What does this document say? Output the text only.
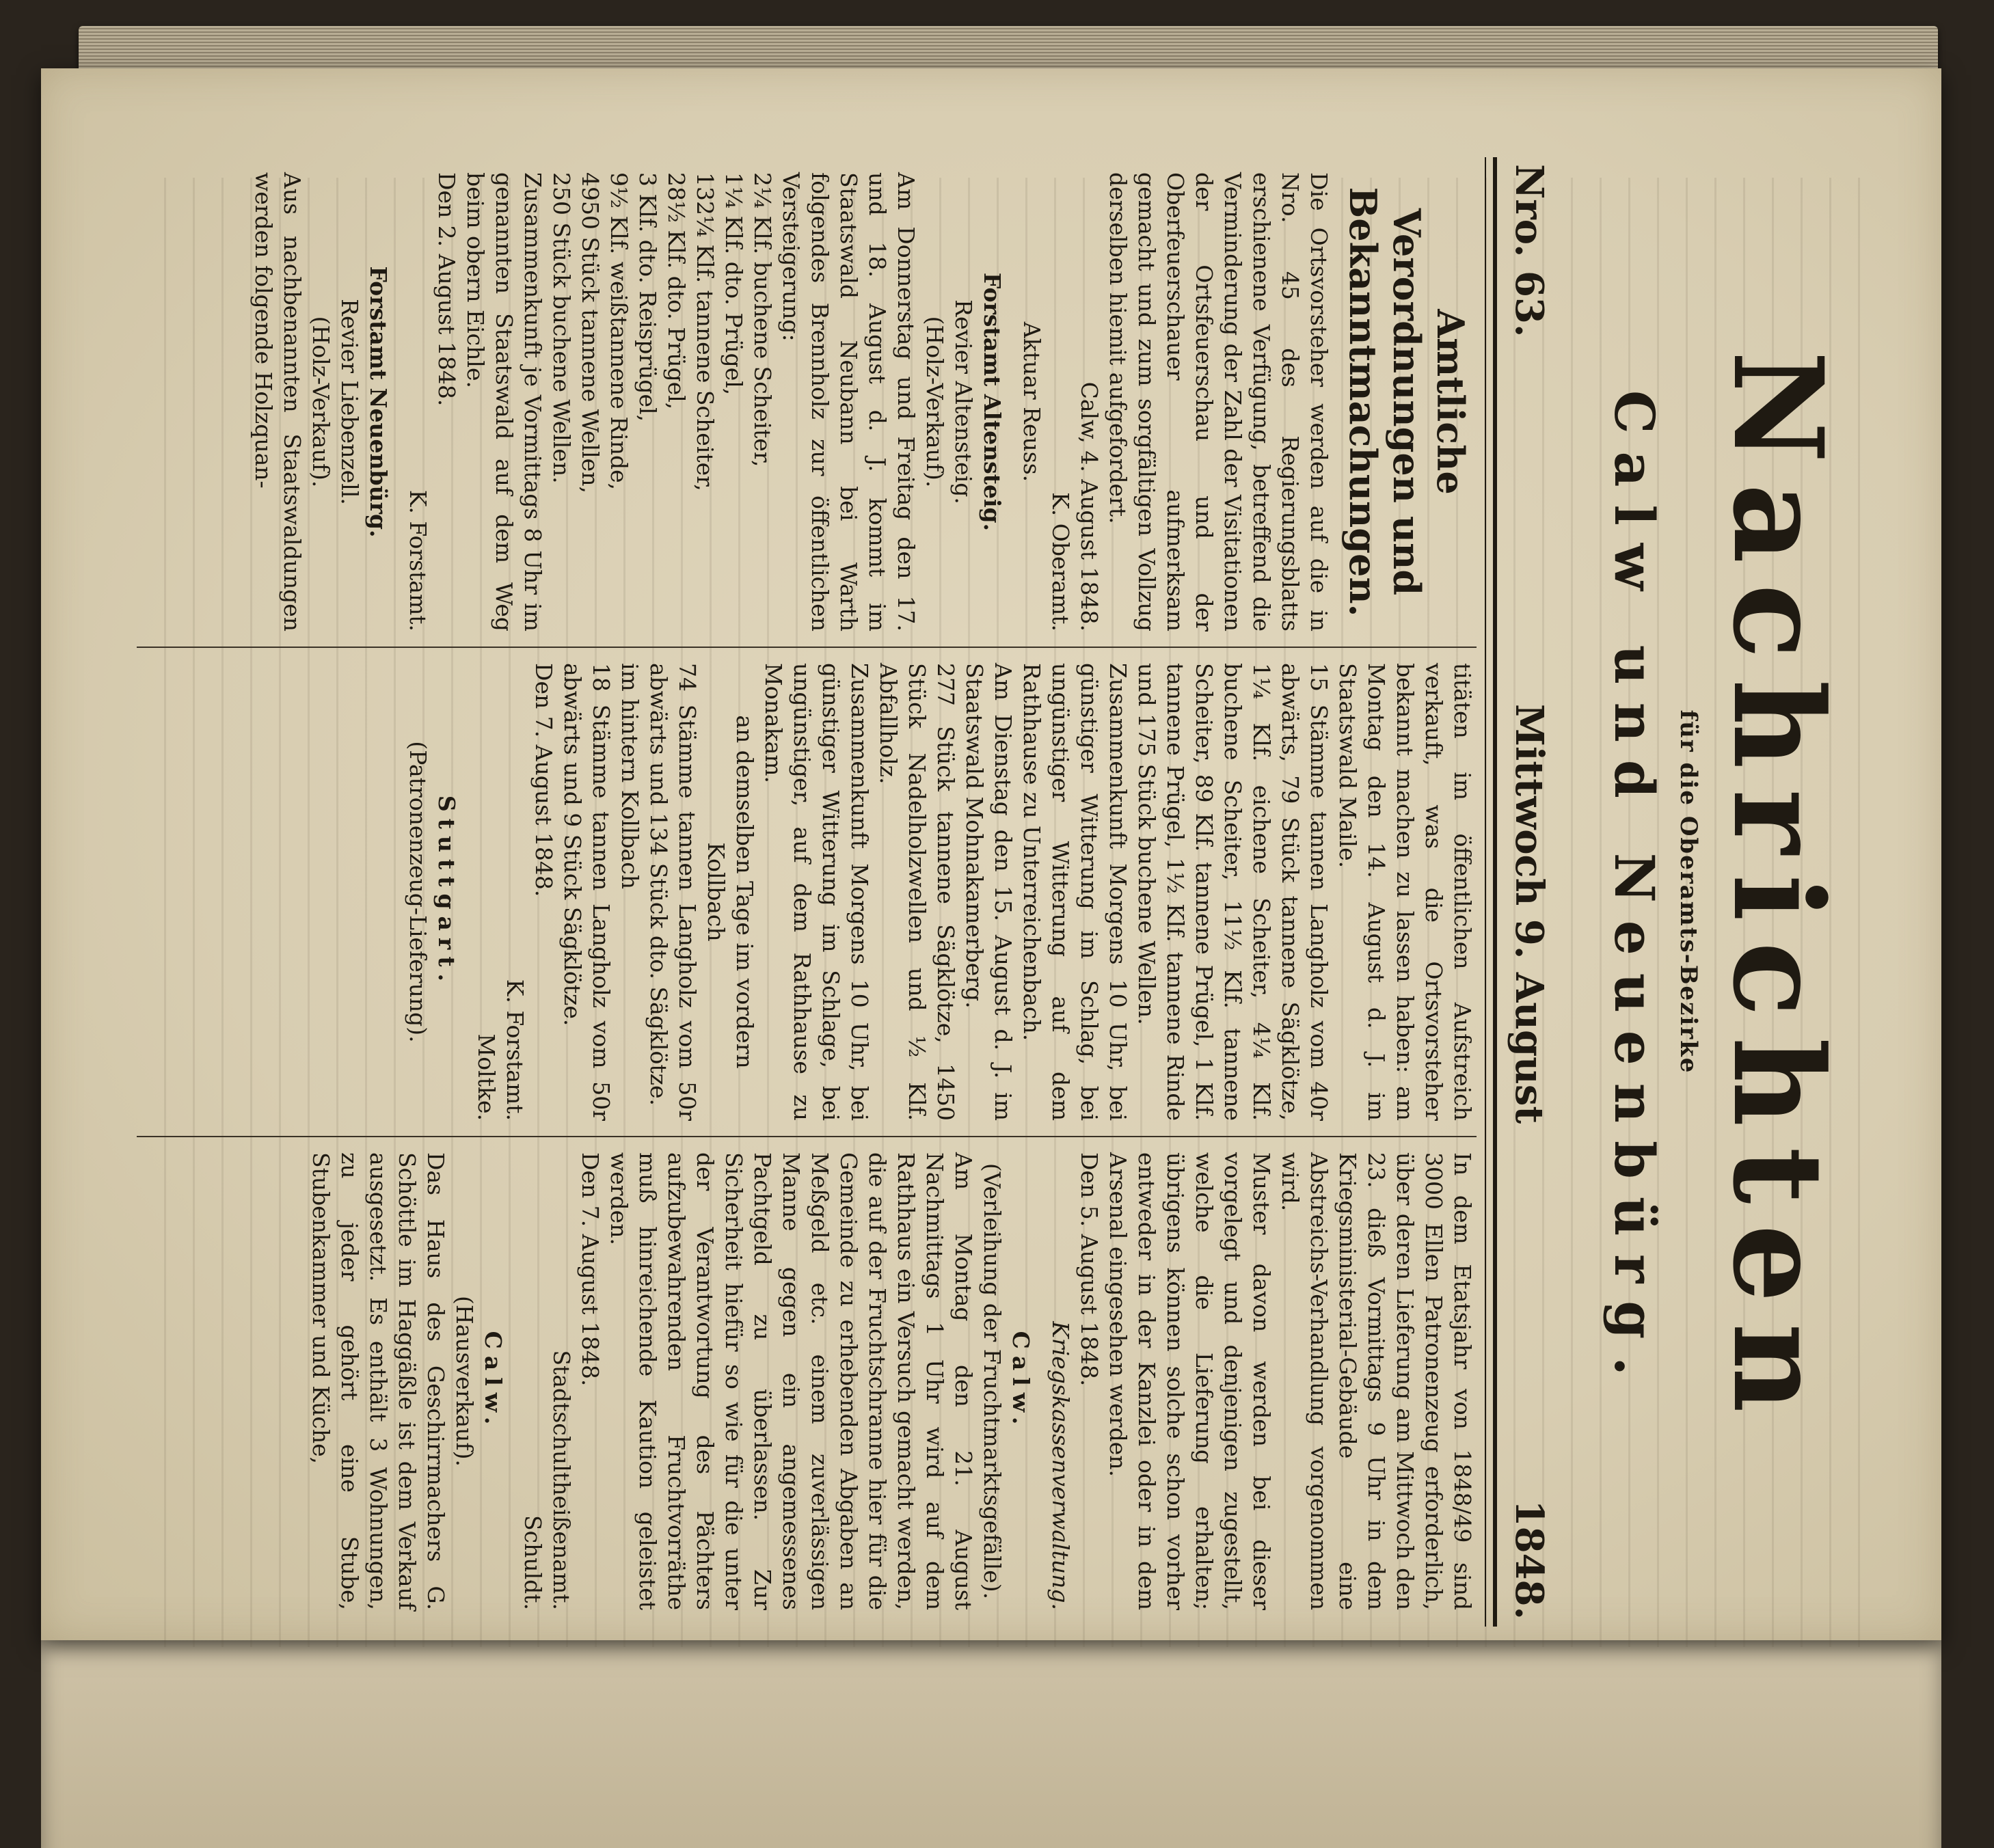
Nachrichten
für die Oberamts-Bezirke
Calw und Neuenbürg.
Nro. 63.
Mittwoch 9. August
1848.
Amtliche Verordnungen und Bekanntmachungen.

Die Ortsvorsteher werden auf die in Nro. 45 des Regierungsblatts erschienene Verfügung, betreffend die Verminderung der Zahl der Visitationen der Ortsfeuerschau und der Oberfeuerschauer aufmerksam gemacht und zum sorgfältigen Vollzug derselben hiemit aufgefordert.

Calw, 4. August 1848.

K. Oberamt.

Aktuar Reuss.

Forstamt Altensteig.

Revier Altensteig.

(Holz-Verkauf).

Am Donnerstag und Freitag den 17. und 18. August d. J. kommt im Staatswald Neubann bei Warth folgendes Brennholz zur öffentlichen Versteigerung:

2¼ Klf. buchene Scheiter,

1¼ Klf. dto. Prügel,

132¼ Klf. tannene Scheiter,

28½ Klf. dto. Prügel,

3 Klf. dto. Reisprügel,

9½ Klf. weißtannene Rinde,

4950 Stück tannene Wellen,

250 Stück buchene Wellen.

Zusammenkunft je Vormittags 8 Uhr im genannten Staatswald auf dem Weg beim obern Eichle.

Den 2. August 1848.

K. Forstamt.

Forstamt Neuenbürg.

Revier Liebenzell.

(Holz-Verkauf).

Aus nachbenannten Staatswaldungen werden folgende Holzquan-

titäten im öffentlichen Aufstreich verkauft, was die Ortsvorsteher bekannt machen zu lassen haben: am Montag den 14. August d. J. im Staatswald Maile.

15 Stämme tannen Langholz vom 40r abwärts, 79 Stück tannene Sägklötze, 1¼ Klf. eichene Scheiter, 4¼ Klf. buchene Scheiter, 11½ Klf. tannene Scheiter, 89 Klf. tannene Prügel, 1 Klf. tannene Prügel, 1½ Klf. tannene Rinde und 175 Stück buchene Wellen.

Zusammenkunft Morgens 10 Uhr, bei günstiger Witterung im Schlag, bei ungünstiger Witterung auf dem Rathhause zu Unterreichenbach.

Am Dienstag den 15. August d. J. im Staatswald Mohnakamerberg.

277 Stück tannene Sägklötze, 1450 Stück Nadelholzwellen und ½ Klf. Abfallholz.

Zusammenkunft Morgens 10 Uhr, bei günstiger Witterung im Schlage, bei ungünstiger, auf dem Rathhause zu Monakam.

an demselben Tage im vordern Kollbach

74 Stämme tannen Langholz vom 50r abwärts und 134 Stück dto. Sägklötze.

im hintern Kollbach

18 Stämme tannen Langholz vom 50r abwärts und 9 Stück Sägklötze.

Den 7. August 1848.

K. Forstamt.

Moltke.

Stuttgart.

(Patronenzeug-Lieferung).

In dem Etatsjahr von 1848/49 sind 3000 Ellen Patronenzeug erforderlich, über deren Lieferung am Mittwoch den 23. dieß Vormittags 9 Uhr in dem Kriegsministerial-Gebäude eine Abstreichs-Verhandlung vorgenommen wird.

Muster davon werden bei dieser vorgelegt und denjenigen zugestellt, welche die Lieferung erhalten; übrigens können solche schon vorher entweder in der Kanzlei oder in dem Arsenal eingesehen werden.

Den 5. August 1848.

Kriegskassenverwaltung.

Calw.

(Verleihung der Fruchtmarktsgefälle).

Am Montag den 21. August Nachmittags 1 Uhr wird auf dem Rathhaus ein Versuch gemacht werden, die auf der Fruchtschranne hier für die Gemeinde zu erhebenden Abgaben an Meßgeld etc. einem zuverlässigen Manne gegen ein angemessenes Pachtgeld zu überlassen. Zur Sicherheit hiefür so wie für die unter der Verantwortung des Pächters aufzubewahrenden Fruchtvorräthe muß hinreichende Kaution geleistet werden.

Den 7. August 1848.

Stadtschultheißenamt.

Schuldt.

Calw.

(Hausverkauf).

Das Haus des Geschirrmachers G. Schöttle im Haggäßle ist dem Verkauf ausgesetzt. Es enthält 3 Wohnungen, zu jeder gehört eine Stube, Stubenkammer und Küche,
